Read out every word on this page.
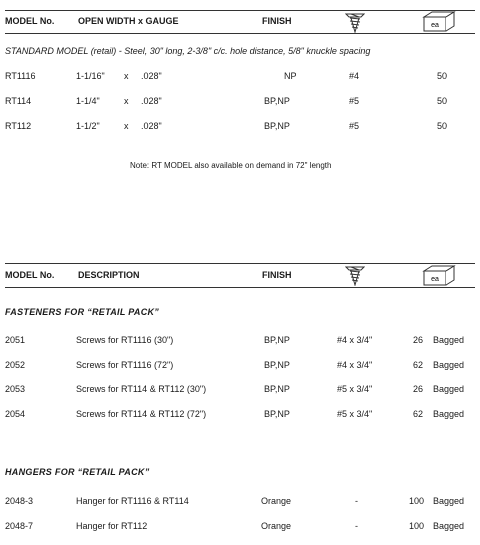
MODEL No.	OPEN WIDTH x GAUGE	FINISH	ea
STANDARD MODEL (retail) - Steel, 30" long, 2-3/8" c/c. hole distance, 5/8" knuckle spacing
RT1116	1-1/16" x .028"	NP	#4	50
RT114	1-1/4"	x .028"	BP,NP	#5	50
RT112	1-1/2"	x .028"	BP,NP	#5	50
Note: RT MODEL also available on demand in 72" length
MODEL No.	DESCRIPTION	FINISH	ea
FASTENERS FOR “RETAIL PACK”
2051	Screws for RT1116 (30")	BP,NP	#4 x 3/4"	26 Bagged
2052	Screws for RT1116 (72")	BP,NP	#4 x 3/4"	62 Bagged
2053	Screws for RT114 & RT112 (30")	BP,NP	#5 x 3/4"	26 Bagged
2054	Screws for RT114 & RT112 (72")	BP,NP	#5 x 3/4"	62 Bagged
HANGERS FOR “RETAIL PACK”
2048-3	Hanger for RT1116 & RT114	Orange	-	100 Bagged
2048-7	Hanger for RT112	Orange	-	100 Bagged
